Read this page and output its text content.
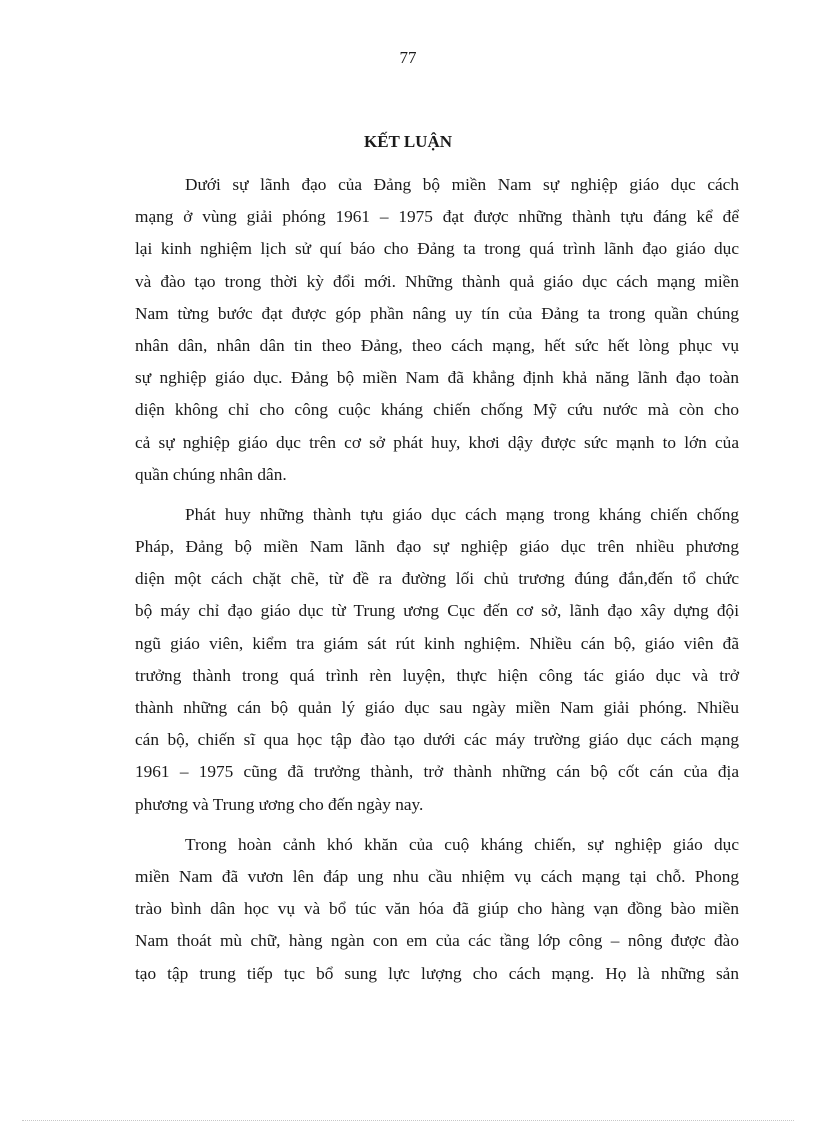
77
KẾT LUẬN
Dưới sự lãnh đạo của Đảng bộ miền Nam sự nghiệp giáo dục cách
mạng ở vùng giải phóng 1961 – 1975 đạt được những thành tựu đáng kể để
lại kinh nghiệm lịch sử quí báo cho Đảng ta trong quá trình lãnh đạo giáo dục
và đào tạo trong thời kỳ đổi mới. Những thành quả giáo dục cách mạng miền
Nam từng bước đạt được góp phần nâng uy tín của Đảng ta trong quần chúng
nhân dân, nhân dân tin theo Đảng, theo cách mạng, hết sức hết lòng phục vụ
sự nghiệp giáo dục. Đảng bộ miền Nam đã khẳng định khả năng lãnh đạo toàn
diện không chỉ cho công cuộc kháng chiến chống Mỹ cứu nước mà còn cho
cả sự nghiệp giáo dục trên cơ sở phát huy, khơi dậy được sức mạnh to lớn của
quần chúng nhân dân.
Phát huy những thành tựu giáo dục cách mạng trong kháng chiến chống
Pháp, Đảng bộ miền Nam lãnh đạo sự nghiệp giáo dục trên nhiều phương
diện một cách chặt chẽ, từ đề ra đường lối chủ trương đúng đắn,đến tổ chức
bộ máy chỉ đạo giáo dục từ Trung ương Cục đến cơ sở, lãnh đạo xây dựng đội
ngũ giáo viên, kiểm tra giám sát rút kinh nghiệm. Nhiều cán bộ, giáo viên đã
trưởng thành trong quá trình rèn luyện, thực hiện công tác giáo dục và trở
thành những cán bộ quản lý giáo dục sau ngày miền Nam giải phóng. Nhiều
cán bộ, chiến sĩ qua học tập đào tạo dưới các máy trường giáo dục cách mạng
1961 – 1975 cũng đã trưởng thành, trở thành những cán bộ cốt cán của địa
phương và Trung ương cho đến ngày nay.
Trong hoàn cảnh khó khăn của cuộ kháng chiến, sự nghiệp giáo dục
miền Nam đã vươn lên đáp ung nhu cầu nhiệm vụ cách mạng tại chỗ. Phong
trào bình dân học vụ và bổ túc văn hóa đã giúp cho hàng vạn đồng bào miền
Nam thoát mù chữ, hàng ngàn con em của các tầng lớp công – nông được đào
tạo tập trung tiếp tục bổ sung lực lượng cho cách mạng. Họ là những sản
